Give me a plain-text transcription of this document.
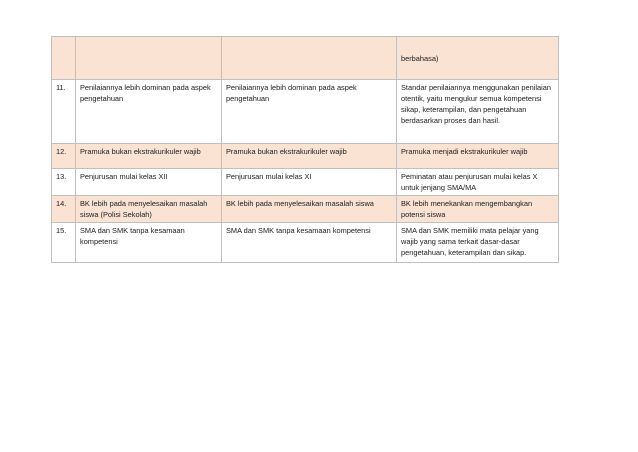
			berbahasa)
11.	Penilaiannya lebih dominan pada aspek pengetahuan	Penilaiannya lebih dominan pada aspek pengetahuan	Standar penilaiannya menggunakan penilaian otentik, yaitu mengukur semua kompetensi sikap, keterampilan, dan pengetahuan berdasarkan proses dan hasil.
12.	Pramuka bukan ekstrakurikuler wajib	Pramuka bukan ekstrakurikuler wajib	Pramuka menjadi ekstrakurikuler wajib
13.	Penjurusan mulai kelas XII	Penjurusan mulai kelas XI	Peminatan atau penjurusan mulai kelas X untuk jenjang SMA/MA
14.	BK lebih pada menyelesaikan masalah siswa (Polisi Sekolah)	BK lebih pada menyelesaikan masalah siswa	BK lebih menekankan mengembangkan potensi siswa
15.	SMA dan SMK tanpa kesamaan kompetensi	SMA dan SMK tanpa kesamaan kompetensi	SMA dan SMK memiliki mata pelajar yang wajib yang sama terkait dasar-dasar pengetahuan, keterampilan dan sikap.
